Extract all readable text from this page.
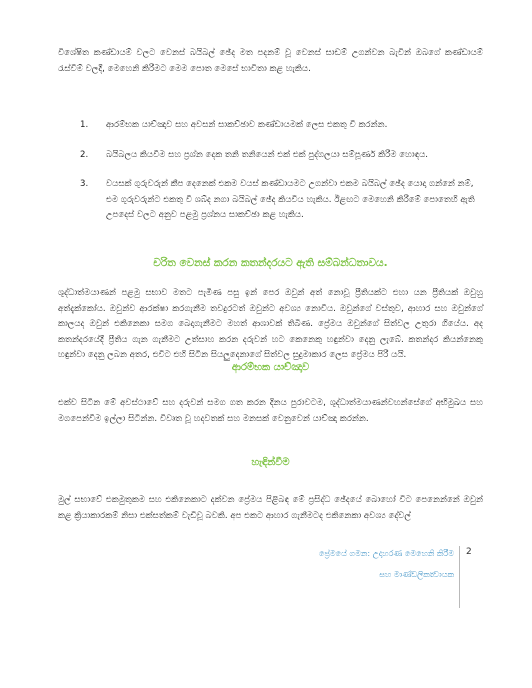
විශේෂිත කණ්ඩායම් වලට වෙනස් බයිබල් ඡේද මත පදනම් වූ වෙනස් සාඩම් උගන්වන බැවින් ඔබගේ කණ්ඩායම් රැස්වීම් වලදී, මෙහෙනි කිරීමට මෙම පොත මෙසේ භාවිතා කළ හැකිය.

1.	ආරම්භක යාච්ඤාව සහ අවසන් සාකච්ඡාව කණ්ඩායමක් ලෙස එකතු වී කරන්න.
2.	බයිබලය කියවීම සහ ප්‍රශ්න දෙක තනි තනියෙන් එක් එක් පුද්ගලයා සම්පූර්ණ කිරීම හොඳය.
3.	වයසක් ගුරුවරුන් කීප දෙනෙක් එකම වයස් කණ්ඩායමට උගන්වා එකම බයිබල් ඡේද යොදා ගන්නේ නම්, එම ගුරුවරුන්ට එකතු වී ශබ්ද නගා බයිබල් ඡේද කියවිය හැකිය. ඊළඟට මෙහෙනි කිරීමේ පොතෙහි ඇති උපදෙස් වලට අනුව පළමු ප්‍රශ්නය සාකච්ඡා කළ හැකිය.
චරිත වෙනස් කරන කතන්දරයට ඇති සම්බන්ධතාවය.

ශුද්ධාත්මයාණන් පළමු සභාව මතට පැමිණ පසු ඉන් පෙර ඔවුන් අත් නොවූ ප්‍රීතියක්ට එහා යන ප්‍රීතියක් ඔවුහු අත්දැක්කෝය. ඔවුන්ව ආරක්ෂා කරගැනීම තවදුරටත් ඔවුන්ට අවශ්‍ය නොවීය. ඔවුන්ගේ වස්තුව, ආහාර සහ ඔවුන්ගේ කාලයද ඔවුන් එකිනෙකා සමග බෙදාගැනීමට මහත් ආශාවක් තිබිණ. ප්‍රේමය ඔවුන්ගේ සිත්වල උතුරා ගියේය. අද කතන්දරයේදී ප්‍රීතිය ගැන ගැනීමට උත්සාහ කරන දරුවන් හට කෙනෙකු හඳුන්වා දෙනු ලැබේ. කතන්දර කියන්නෙකු හඳුන්වා දෙනු ලබන අතර, එවිට එහි සිටින සියලුදෙනාගේ සිත්වල සුදුමාකාර ලෙස ප්‍රේමය පිරී යයි.

ආරම්භක යාච්ඤාව

එක්ව සිටින මේ අවස්ථාවේ සහ දරුවන් සමග ගත කරන දිනය පුරාවටම, ශුද්ධාත්මයාණන්වහන්සේගේ අභිමුඛය සහ මගපෙන්වීම ඉල්ලා සිටින්න. විවෘත වූ හදවතක් සහ මනසක් වෙනුවෙන් යාච්ඤා කරන්න.

හැඳින්වීම

මුල් සභාවේ එකමුතුකම සහ එකිනෙකාට දක්වන ප්‍රේමය පිළිබඳ මේ ප්‍රසිද්ධ ඡේදයේ බොහෝ විට පෙනෙන්නේ ඔවුන් කළ ක්‍රියාකාරකම් නිසා එක්සත්කම් වැඩිවූ බවකි. අප එකට ආහාර ගැනීමටද එකිනෙකා අවශ්‍ය දේවල්

ප්‍රේමයේ ගමන: උදාහරණ මෙහෙනි කිරීම
සහ මාණ්ඩලිකත්‍වායක
2
